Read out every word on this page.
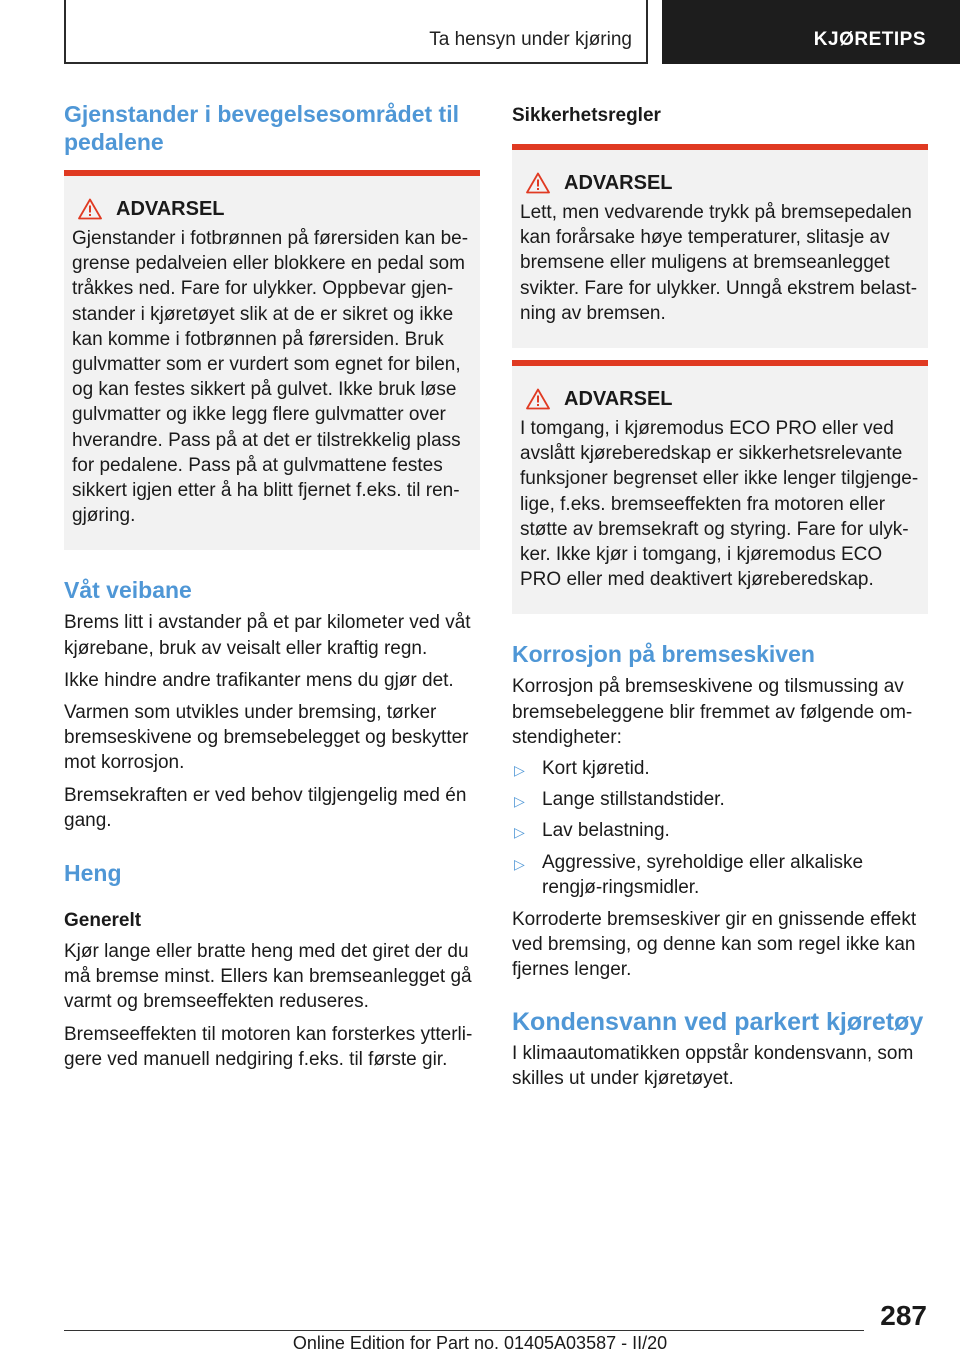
Ta hensyn under kjøring	KJØRETIPS
Gjenstander i bevegelsesområdet til pedalene
ADVARSEL

Gjenstander i fotbrønnen på førersiden kan be-grense pedalveien eller blokkere en pedal som tråkkes ned. Fare for ulykker. Oppbevar gjen-stander i kjøretøyet slik at de er sikret og ikke kan komme i fotbrønnen på førersiden. Bruk gulvmatter som er vurdert som egnet for bilen, og kan festes sikkert på gulvet. Ikke bruk løse gulvmatter og ikke legg flere gulvmatter over hverandre. Pass på at det er tilstrekkelig plass for pedalene. Pass på at gulvmattene festes sikkert igjen etter å ha blitt fjernet f.eks. til ren-gjøring.

Våt veibane

Brems litt i avstander på et par kilometer ved våt kjørebane, bruk av veisalt eller kraftig regn.

Ikke hindre andre trafikanter mens du gjør det.

Varmen som utvikles under bremsing, tørker bremseskivene og bremsebelegget og beskytter mot korrosjon.

Bremsekraften er ved behov tilgjengelig med én gang.

Heng
Generelt

Kjør lange eller bratte heng med det giret der du må bremse minst. Ellers kan bremseanlegget gå varmt og bremseeffekten reduseres.

Bremseeffekten til motoren kan forsterkes ytterli-gere ved manuell nedgiring f.eks. til første gir.

Sikkerhetsregler
ADVARSEL

Lett, men vedvarende trykk på bremsepedalen kan forårsake høye temperaturer, slitasje av bremsene eller muligens at bremseanlegget svikter. Fare for ulykker. Unngå ekstrem belast-ning av bremsen.

ADVARSEL

I tomgang, i kjøremodus ECO PRO eller ved avslått kjøreberedskap er sikkerhetsrelevante funksjoner begrenset eller ikke lenger tilgjenge-lige, f.eks. bremseeffekten fra motoren eller støtte av bremsekraft og styring. Fare for ulyk-ker. Ikke kjør i tomgang, i kjøremodus ECO PRO eller med deaktivert kjøreberedskap.

Korrosjon på bremseskiven

Korrosjon på bremseskivene og tilsmussing av bremsebeleggene blir fremmet av følgende om-stendigheter:

▷ Kort kjøretid.
▷ Lange stillstandstider.
▷ Lav belastning.
▷ Aggressive, syreholdige eller alkaliske rengjø-ringsmidler.

Korroderte bremseskiver gir en gnissende effekt ved bremsing, og denne kan som regel ikke kan fjernes lenger.

Kondensvann ved parkert kjøretøy

I klimaautomatikken oppstår kondensvann, som skilles ut under kjøretøyet.

287
Online Edition for Part no. 01405A03587 - II/20
